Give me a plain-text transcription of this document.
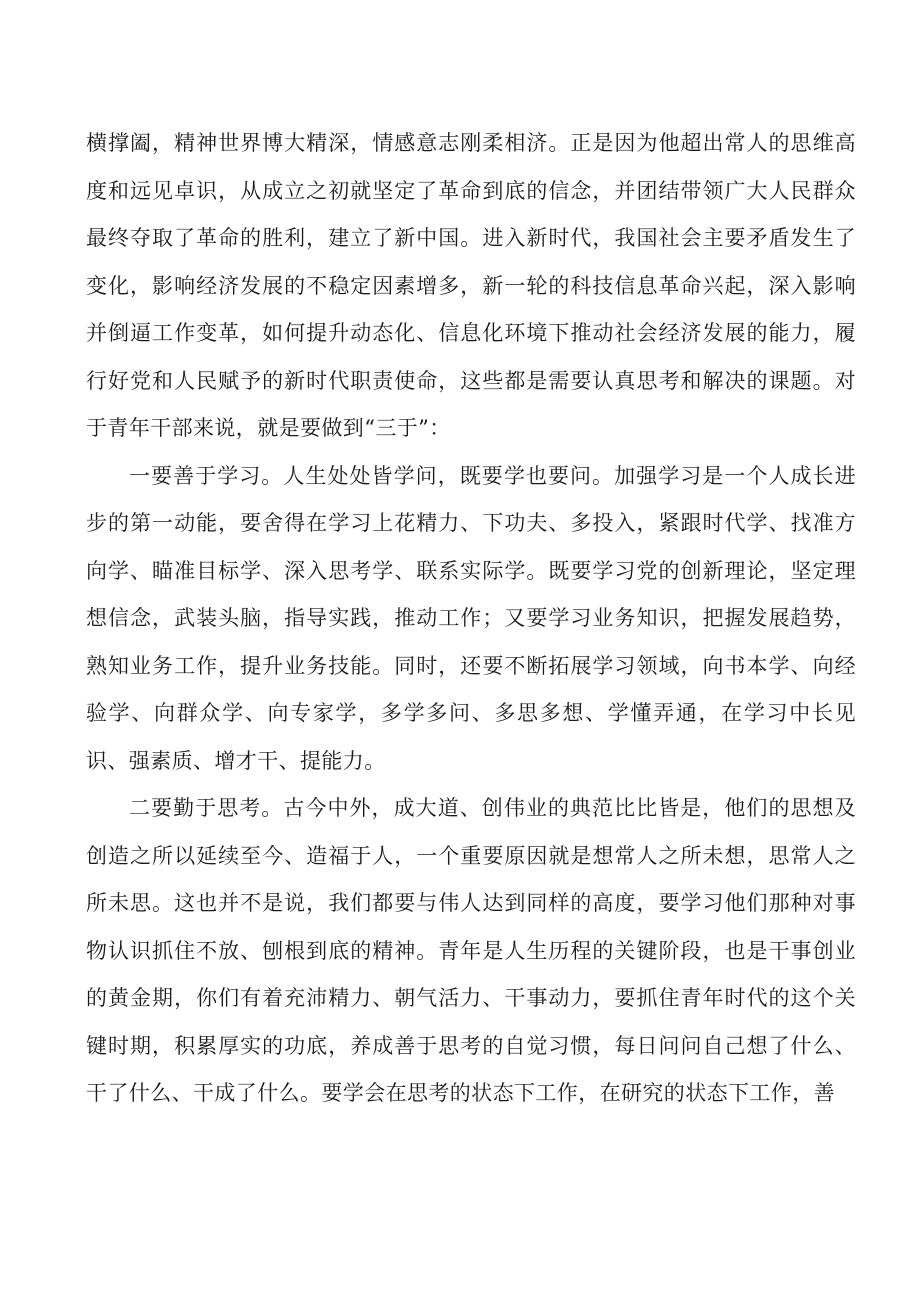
横撑阖，精神世界博大精深，情感意志刚柔相济。正是因为他超出常人的思维高度和远见卓识，从成立之初就坚定了革命到底的信念，并团结带领广大人民群众最终夺取了革命的胜利，建立了新中国。进入新时代，我国社会主要矛盾发生了变化，影响经济发展的不稳定因素增多，新一轮的科技信息革命兴起，深入影响并倒逼工作变革，如何提升动态化、信息化环境下推动社会经济发展的能力，履行好党和人民赋予的新时代职责使命，这些都是需要认真思考和解决的课题。对于青年干部来说，就是要做到“三于”：

一要善于学习。人生处处皆学问，既要学也要问。加强学习是一个人成长进步的第一动能，要舍得在学习上花精力、下功夫、多投入，紧跟时代学、找准方向学、瞄准目标学、深入思考学、联系实际学。既要学习党的创新理论，坚定理想信念，武装头脑，指导实践，推动工作；又要学习业务知识，把握发展趋势，熟知业务工作，提升业务技能。同时，还要不断拓展学习领域，向书本学、向经验学、向群众学、向专家学，多学多问、多思多想、学懂弄通，在学习中长见识、强素质、增才干、提能力。

二要勤于思考。古今中外，成大道、创伟业的典范比比皆是，他们的思想及创造之所以延续至今、造福于人，一个重要原因就是想常人之所未想，思常人之所未思。这也并不是说，我们都要与伟人达到同样的高度，要学习他们那种对事物认识抓住不放、刨根到底的精神。青年是人生历程的关键阶段，也是干事创业的黄金期，你们有着充沛精力、朝气活力、干事动力，要抓住青年时代的这个关键时期，积累厚实的功底，养成善于思考的自觉习惯，每日问问自己想了什么、干了什么、干成了什么。要学会在思考的状态下工作，在研究的状态下工作，善
